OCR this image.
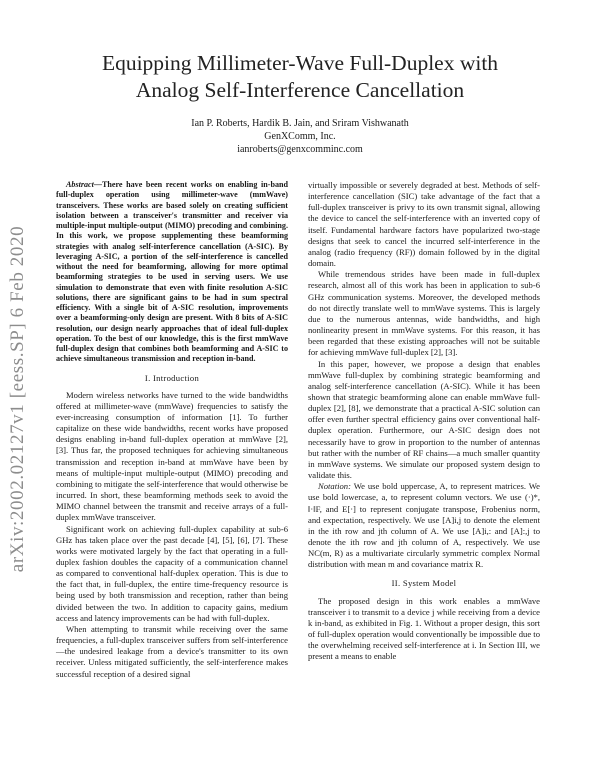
arXiv:2002.02127v1 [eess.SP] 6 Feb 2020
Equipping Millimeter-Wave Full-Duplex with
Analog Self-Interference Cancellation
Ian P. Roberts, Hardik B. Jain, and Sriram Vishwanath
GenXComm, Inc.
ianroberts@genxcomminc.com

Abstract—There have been recent works on enabling in-band full-duplex operation using millimeter-wave (mmWave) transceivers. These works are based solely on creating sufficient isolation between a transceiver's transmitter and receiver via multiple-input multiple-output (MIMO) precoding and combining. In this work, we propose supplementing these beamforming strategies with analog self-interference cancellation (A-SIC). By leveraging A-SIC, a portion of the self-interference is cancelled without the need for beamforming, allowing for more optimal beamforming strategies to be used in serving users. We use simulation to demonstrate that even with finite resolution A-SIC solutions, there are significant gains to be had in sum spectral efficiency. With a single bit of A-SIC resolution, improvements over a beamforming-only design are present. With 8 bits of A-SIC resolution, our design nearly approaches that of ideal full-duplex operation. To the best of our knowledge, this is the first mmWave full-duplex design that combines both beamforming and A-SIC to achieve simultaneous transmission and reception in-band.

I. Introduction

Modern wireless networks have turned to the wide bandwidths offered at millimeter-wave (mmWave) frequencies to satisfy the ever-increasing consumption of information [1]. To further capitalize on these wide bandwidths, recent works have proposed designs enabling in-band full-duplex operation at mmWave [2], [3]. Thus far, the proposed techniques for achieving simultaneous transmission and reception in-band at mmWave have been by means of multiple-input multiple-output (MIMO) precoding and combining to mitigate the self-interference that would otherwise be incurred. In short, these beamforming methods seek to avoid the MIMO channel between the transmit and receive arrays of a full-duplex mmWave transceiver.

Significant work on achieving full-duplex capability at sub-6 GHz has taken place over the past decade [4], [5], [6], [7]. These works were motivated largely by the fact that operating in a full-duplex fashion doubles the capacity of a communication channel as compared to conventional half-duplex operation. This is due to the fact that, in full-duplex, the entire time-frequency resource is being used by both transmission and reception, rather than being divided between the two. In addition to capacity gains, medium access and latency improvements can be had with full-duplex.

When attempting to transmit while receiving over the same frequencies, a full-duplex transceiver suffers from self-interference—the undesired leakage from a device's transmitter to its own receiver. Unless mitigated sufficiently, the self-interference makes successful reception of a desired signal

virtually impossible or severely degraded at best. Methods of self-interference cancellation (SIC) take advantage of the fact that a full-duplex transceiver is privy to its own transmit signal, allowing the device to cancel the self-interference with an inverted copy of itself. Fundamental hardware factors have popularized two-stage designs that seek to cancel the incurred self-interference in the analog (radio frequency (RF)) domain followed by in the digital domain.

While tremendous strides have been made in full-duplex research, almost all of this work has been in application to sub-6 GHz communication systems. Moreover, the developed methods do not directly translate well to mmWave systems. This is largely due to the numerous antennas, wide bandwidths, and high nonlinearity present in mmWave systems. For this reason, it has been regarded that these existing approaches will not be suitable for achieving mmWave full-duplex [2], [3].

In this paper, however, we propose a design that enables mmWave full-duplex by combining strategic beamforming and analog self-interference cancellation (A-SIC). While it has been shown that strategic beamforming alone can enable mmWave full-duplex [2], [8], we demonstrate that a practical A-SIC solution can offer even further spectral efficiency gains over conventional half-duplex operation. Furthermore, our A-SIC design does not necessarily have to grow in proportion to the number of antennas but rather with the number of RF chains—a much smaller quantity in mmWave systems. We simulate our proposed system design to validate this.

Notation: We use bold uppercase, A, to represent matrices. We use bold lowercase, a, to represent column vectors. We use (·)*, ‖·‖F, and E[·] to represent conjugate transpose, Frobenius norm, and expectation, respectively. We use [A]i,j to denote the element in the ith row and jth column of A. We use [A]i,: and [A]:,j to denote the ith row and jth column of A, respectively. We use NC(m, R) as a multivariate circularly symmetric complex Normal distribution with mean m and covariance matrix R.

II. System Model

The proposed design in this work enables a mmWave transceiver i to transmit to a device j while receiving from a device k in-band, as exhibited in Fig. 1. Without a proper design, this sort of full-duplex operation would conventionally be impossible due to the overwhelming received self-interference at i. In Section III, we present a means to enable
